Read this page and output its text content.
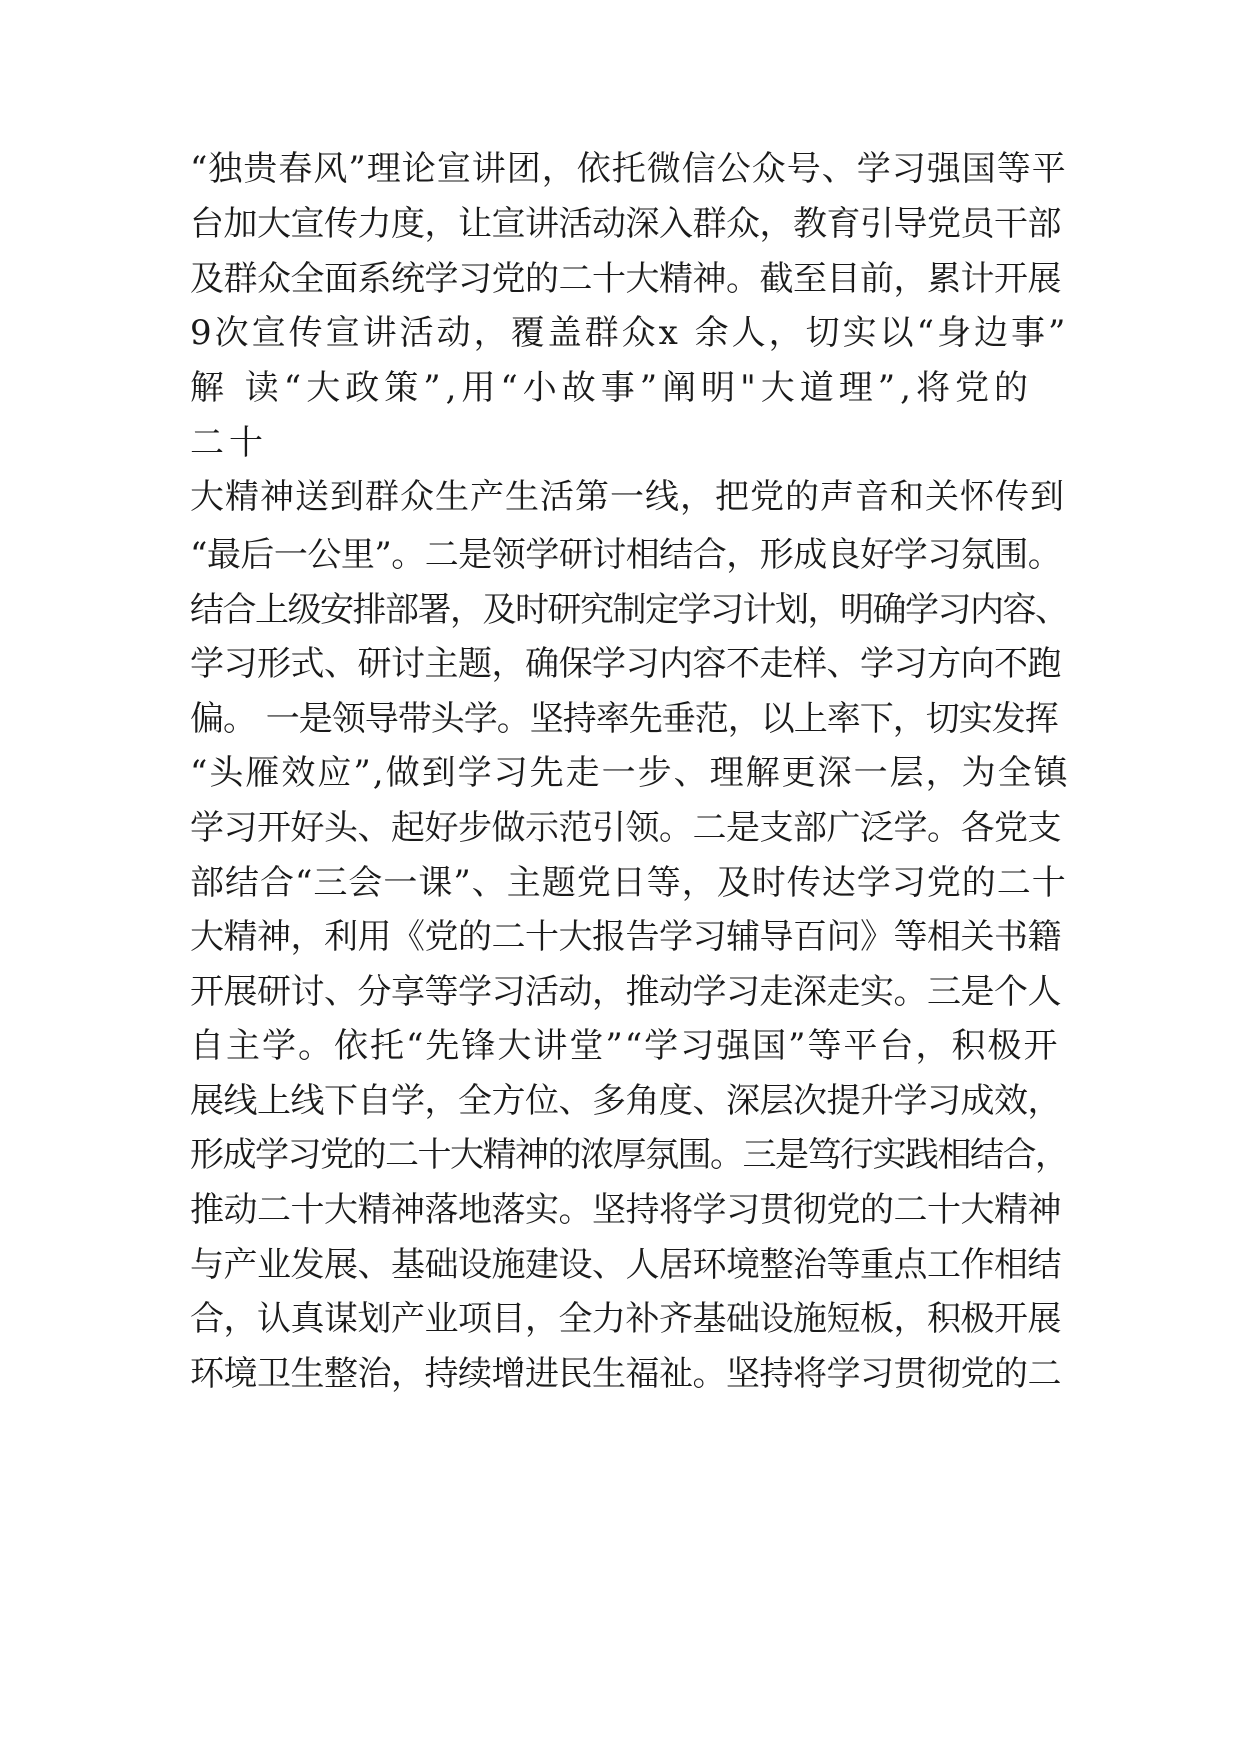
“独贵春风”理论宣讲团，依托微信公众号、学习强国等平
台加大宣传力度，让宣讲活动深入群众，教育引导党员干部
及群众全面系统学习党的二十大精神。截至目前，累计开展
9次宣传宣讲活动，覆盖群众x 余人，切实以“身边事”
解 读“大政策”,用“小故事”阐明"大道理”,将党的
二十
大精神送到群众生产生活第一线，把党的声音和关怀传到
“最后一公里”。二是领学研讨相结合，形成良好学习氛围。
结合上级安排部署，及时研究制定学习计划，明确学习内容、
学习形式、研讨主题，确保学习内容不走样、学习方向不跑
偏。 一是领导带头学。坚持率先垂范，以上率下，切实发挥
“头雁效应”,做到学习先走一步、理解更深一层，为全镇
学习开好头、起好步做示范引领。二是支部广泛学。各党支
部结合“三会一课”、主题党日等，及时传达学习党的二十
大精神，利用《党的二十大报告学习辅导百问》等相关书籍
开展研讨、分享等学习活动，推动学习走深走实。三是个人
自主学。依托“先锋大讲堂”“学习强国”等平台，积极开
展线上线下自学，全方位、多角度、深层次提升学习成效，
形成学习党的二十大精神的浓厚氛围。三是笃行实践相结合，
推动二十大精神落地落实。坚持将学习贯彻党的二十大精神
与产业发展、基础设施建设、人居环境整治等重点工作相结
合，认真谋划产业项目，全力补齐基础设施短板，积极开展
环境卫生整治，持续增进民生福祉。坚持将学习贯彻党的二
